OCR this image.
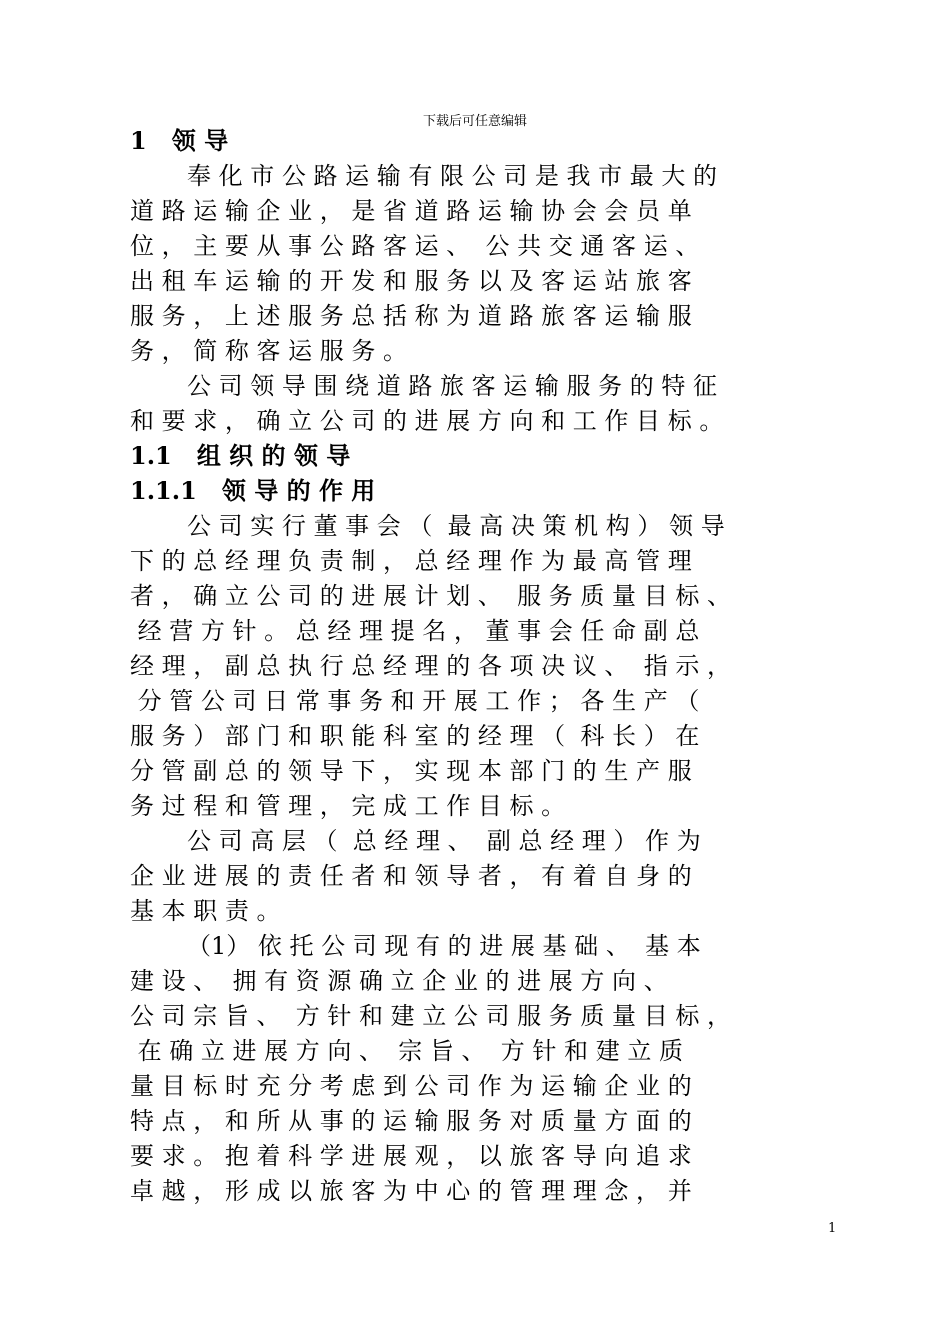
下载后可任意编辑
1   领 导
奉 化 市 公 路 运 输 有 限 公 司 是 我 市 最 大 的
道 路 运 输 企 业 ， 是 省 道 路 运 输 协 会 会 员 单
位 ， 主 要 从 事 公 路 客 运 、  公 共 交 通 客 运 、
出 租 车 运 输 的 开 发 和 服 务 以 及 客 运 站 旅 客
服 务 ， 上 述 服 务 总 括 称 为 道 路 旅 客 运 输 服
务 ， 简 称 客 运 服 务 。
公 司 领 导 围 绕 道 路 旅 客 运 输 服 务 的 特 征
和 要 求 ， 确 立 公 司 的 进 展 方 向 和 工 作 目 标 。
1.1   组 织 的 领 导
1.1.1   领 导 的 作 用
公 司 实 行 董 事 会 （  最 高 决 策 机 构 ） 领 导
下 的 总 经 理 负 责 制 ， 总 经 理 作 为 最 高 管 理
者 ， 确 立 公 司 的 进 展 计 划 、  服 务 质 量 目 标 、
经 营 方 针 。 总 经 理 提 名 ， 董 事 会 任 命 副 总
经 理 ， 副 总 执 行 总 经 理 的 各 项 决 议 、  指 示 ，
分 管 公 司 日 常 事 务 和 开 展 工 作 ； 各 生 产 （
服 务 ） 部 门 和 职 能 科 室 的 经 理 （  科 长 ） 在
分 管 副 总 的 领 导 下 ， 实 现 本 部 门 的 生 产 服
务 过 程 和 管 理 ， 完 成 工 作 目 标 。
公 司 高 层 （  总 经 理 、  副 总 经 理 ） 作 为
企 业 进 展 的 责 任 者 和 领 导 者 ， 有 着 自 身 的
基 本 职 责 。
（1） 依 托 公 司 现 有 的 进 展 基 础 、  基 本
建 设 、  拥 有 资 源 确 立 企 业 的 进 展 方 向 、
公 司 宗 旨 、  方 针 和 建 立 公 司 服 务 质 量 目 标 ，
在 确 立 进 展 方 向 、  宗 旨 、  方 针 和 建 立 质
量 目 标 时 充 分 考 虑 到 公 司 作 为 运 输 企 业 的
特 点 ， 和 所 从 事 的 运 输 服 务 对 质 量 方 面 的
要 求 。 抱 着 科 学 进 展 观 ， 以 旅 客 导 向 追 求
卓 越 ， 形 成 以 旅 客 为 中 心 的 管 理 理 念 ， 并
1
